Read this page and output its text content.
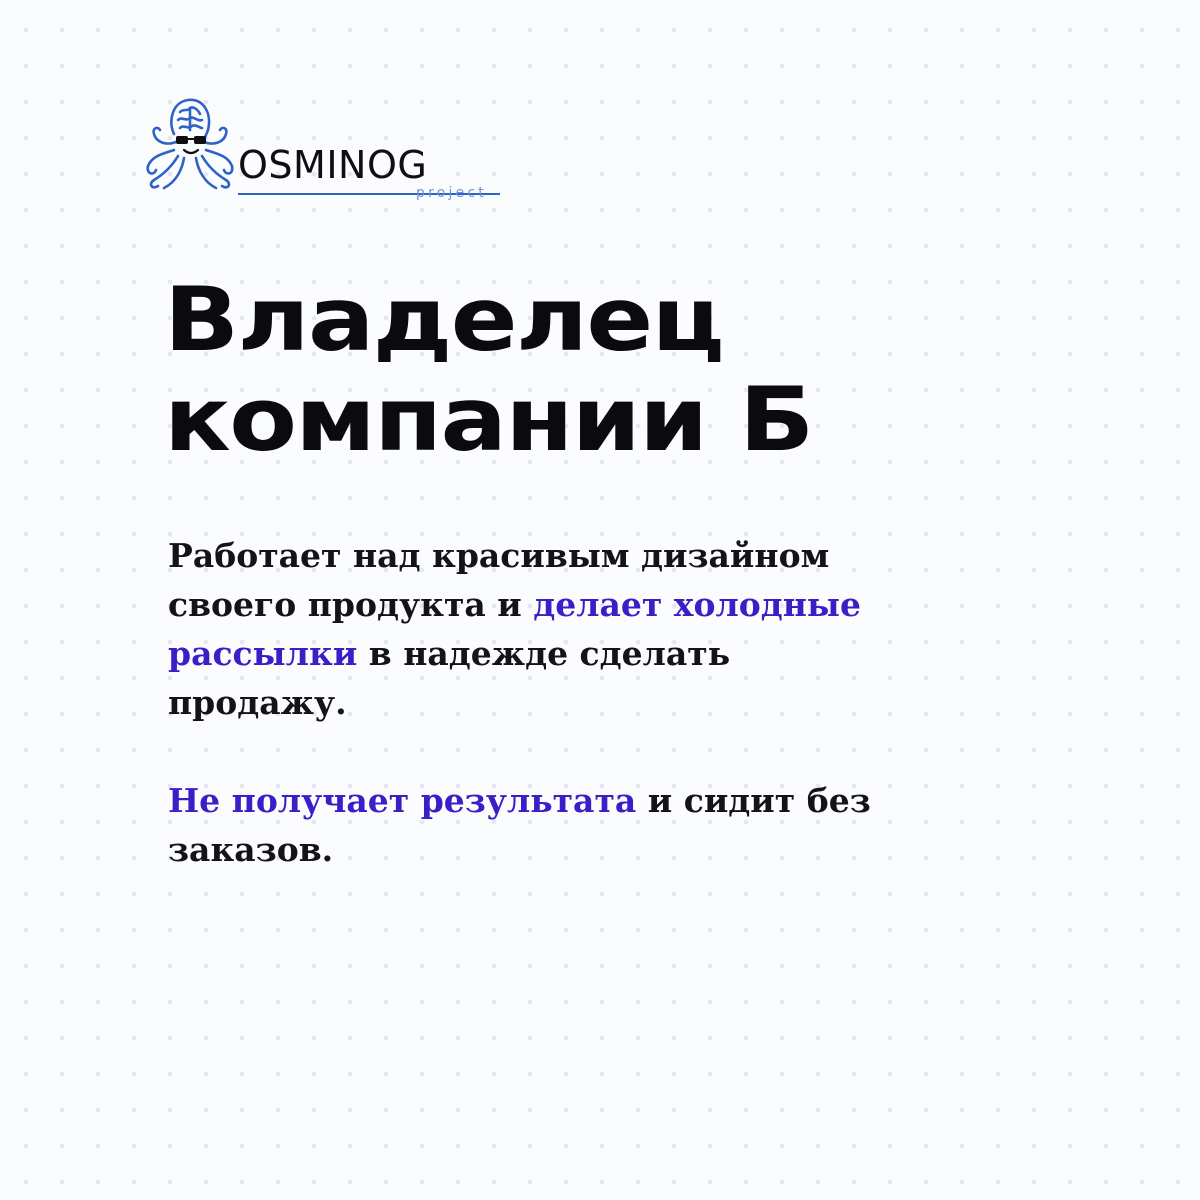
OSMINOG

project

Владелец
компании Б

Работает над красивым дизайном
своего продукта и делает холодные
рассылки в надежде сделать
продажу.

Не получает результата и сидит без
заказов.
